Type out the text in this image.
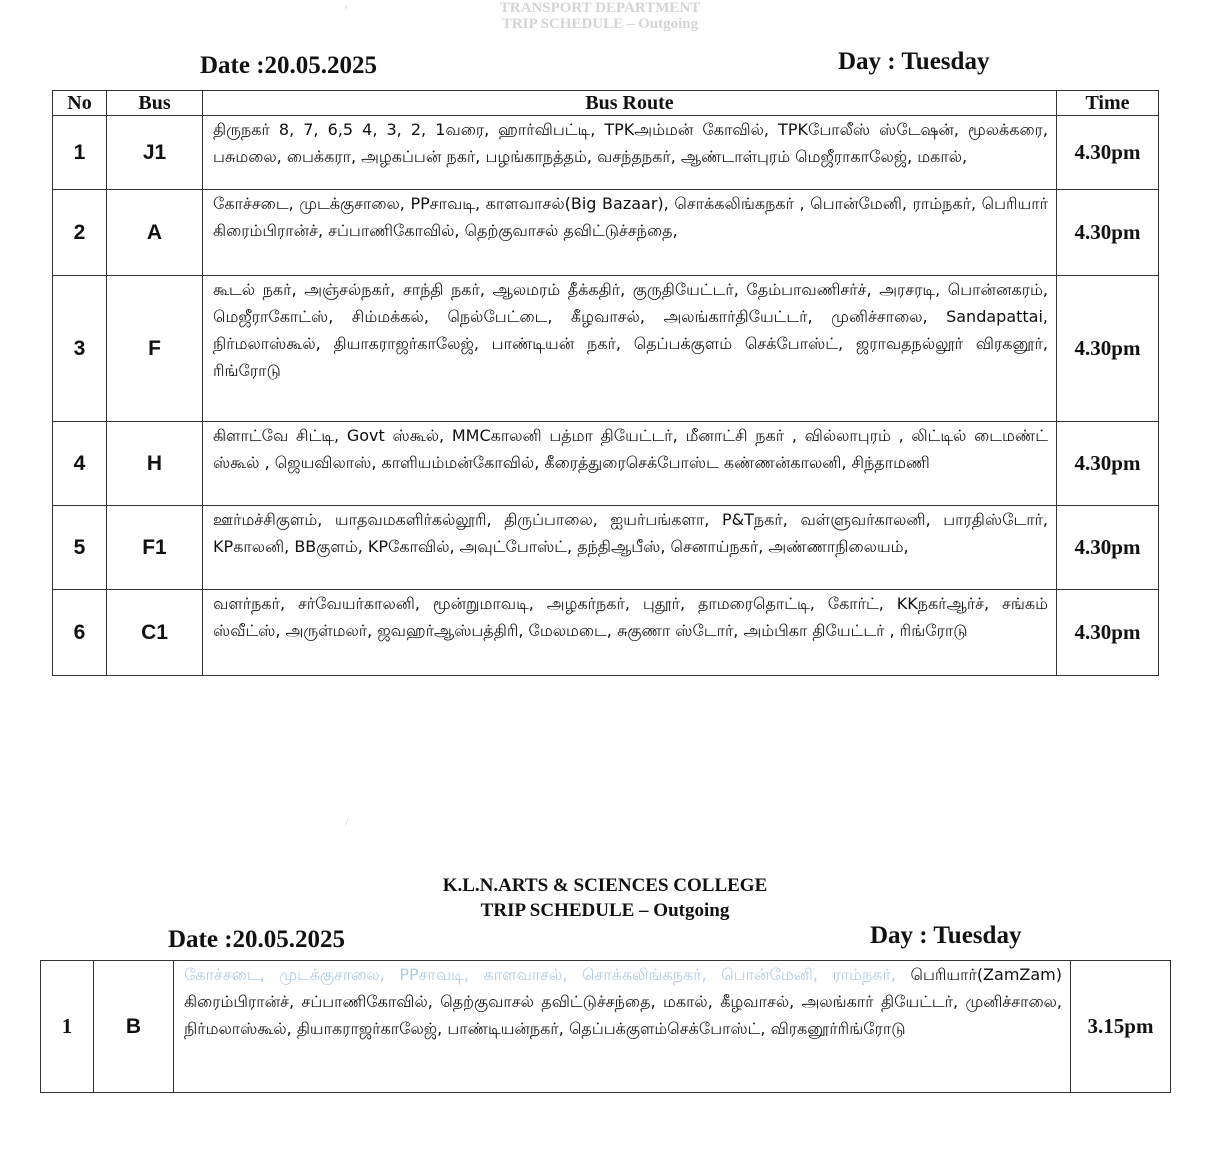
TRANSPORT DEPARTMENT
TRIP SCHEDULE – Outgoing
Date :20.05.2025	Day : Tuesday
No	Bus	Bus Route	Time
1	J1	திருநகர் 8, 7, 6,5 4, 3, 2, 1வரை, ஹார்விபட்டி, TPKஅம்மன் கோவில், TPKபோலீஸ் ஸ்டேஷன், மூலக்கரை, பசுமலை, பைக்கரா, அழகப்பன் நகர், பழங்காநத்தம், வசந்தநகர், ஆண்டாள்புரம் மெஜீராகாலேஜ், மகால்,	4.30pm
2	A	கோச்சடை, முடக்குசாலை, PPசாவடி, காளவாசல்(Big Bazaar), சொக்கலிங்கநகர் , பொன்மேனி, ராம்நகர், பெரியார் கிரைம்பிரான்ச், சப்பாணிகோவில், தெற்குவாசல் தவிட்டுச்சந்தை,	4.30pm
3	F	கூடல் நகர், அஞ்சல்நகர், சாந்தி நகர், ஆலமரம் தீக்கதிர், குருதியேட்டர், தேம்பாவணிசர்ச், அரசரடி, பொன்னகரம், மெஜீராகோட்ஸ், சிம்மக்கல், நெல்பேட்டை, கீழவாசல், அலங்கார்தியேட்டர், முனிச்சாலை, Sandapattai, நிர்மலாஸ்கூல், தியாகராஜர்காலேஜ், பாண்டியன் நகர், தெப்பக்குளம் செக்போஸ்ட், ஜராவதநல்லூர் விரகனூர், ரிங்ரோடு	4.30pm
4	H	கிளாட்வே சிட்டி, Govt ஸ்கூல், MMCகாலனி பத்மா தியேட்டர், மீனாட்சி நகர் , வில்லாபுரம் , லிட்டில் டைமண்ட் ஸ்கூல் , ஜெயவிலாஸ், காளியம்மன்கோவில், கீரைத்துரைசெக்போஸ்ட கண்ணன்காலனி, சிந்தாமணி	4.30pm
5	F1	ஊர்மச்சிகுளம், யாதவமகளிர்கல்லூரி, திருப்பாலை, ஐயர்பங்களா, P&Tநகர், வள்ளுவர்காலனி, பாரதிஸ்டோர், KPகாலனி, BBகுளம், KPகோவில், அவுட்போஸ்ட், தந்திஆபீஸ், செனாய்நகர், அண்ணாநிலையம்,	4.30pm
6	C1	வளர்நகர், சர்வேயர்காலனி, மூன்றுமாவடி, அழகர்நகர், புதூர், தாமரைதொட்டி, கோர்ட், KKநகர்ஆர்ச், சங்கம் ஸ்வீட்ஸ், அருள்மலர், ஜவஹர்ஆஸ்பத்திரி, மேலமடை, சுகுணா ஸ்டோர், அம்பிகா தியேட்டர் , ரிங்ரோடு	4.30pm
'
/
K.L.N.ARTS & SCIENCES COLLEGE
TRIP SCHEDULE – Outgoing
Date :20.05.2025	Day : Tuesday
1	B	கோச்சடை, முடக்குசாலை, PPசாவடி, காளவாசல், சொக்கலிங்கநகர், பொன்மேனி, ராம்நகர், பெரியார்(ZamZam) கிரைம்பிரான்ச், சப்பாணிகோவில், தெற்குவாசல் தவிட்டுச்சந்தை, மகால், கீழவாசல், அலங்கார் தியேட்டர், முனிச்சாலை, நிர்மலாஸ்கூல், தியாகராஜர்காலேஜ், பாண்டியன்நகர், தெப்பக்குளம்செக்போஸ்ட், விரகனூர்ரிங்ரோடு	3.15pm
